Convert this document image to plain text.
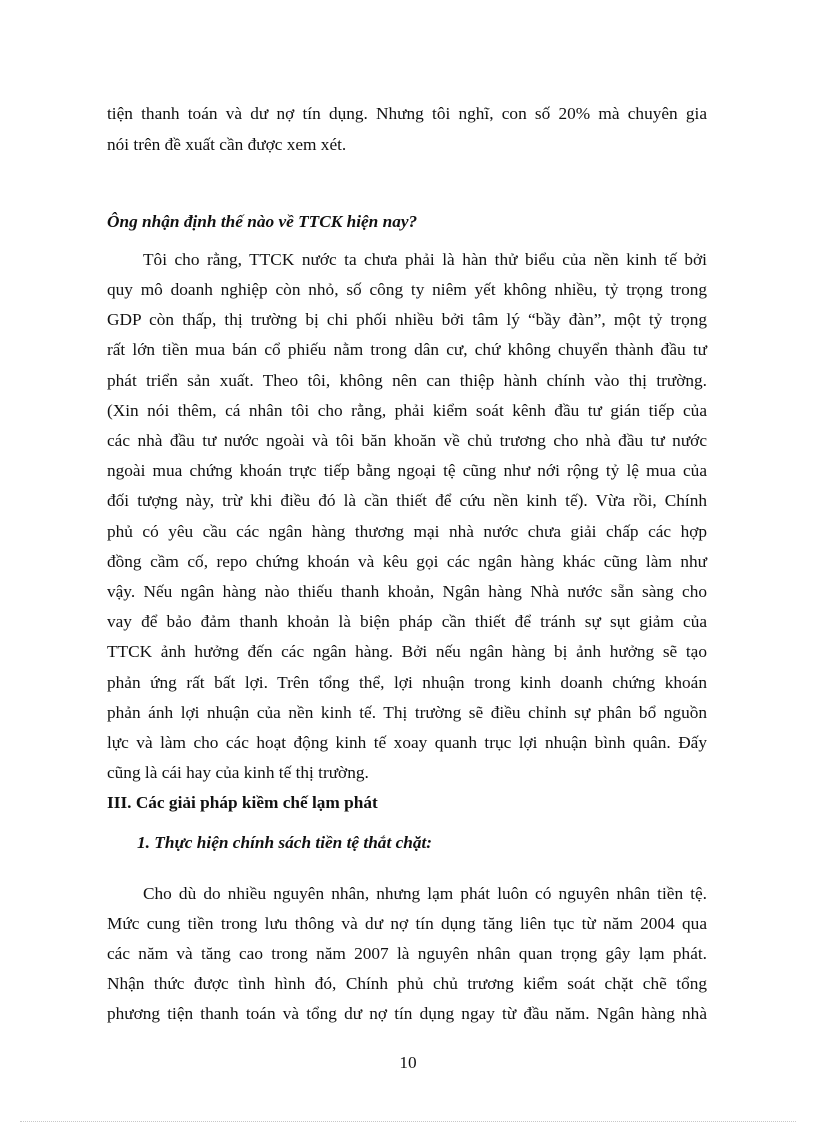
tiện thanh toán và dư nợ tín dụng. Nhưng tôi nghĩ, con số 20% mà chuyên gia
nói trên đề xuất cần được xem xét.
Ông nhận định thế nào về TTCK hiện nay?
Tôi cho rằng, TTCK nước ta chưa phải là hàn thử biểu của nền kinh tế bởi
quy mô doanh nghiệp còn nhỏ, số công ty niêm yết không nhiều, tỷ trọng trong
GDP còn thấp, thị trường bị chi phối nhiều bởi tâm lý “bầy đàn”, một tỷ trọng
rất lớn tiền mua bán cổ phiếu nằm trong dân cư, chứ không chuyển thành đầu tư
phát triển sản xuất. Theo tôi, không nên can thiệp hành chính vào thị trường.
(Xin nói thêm, cá nhân tôi cho rằng, phải kiểm soát kênh đầu tư gián tiếp của
các nhà đầu tư nước ngoài và tôi băn khoăn về chủ trương cho nhà đầu tư nước
ngoài mua chứng khoán trực tiếp bằng ngoại tệ cũng như nới rộng tỷ lệ mua của
đối tượng này, trừ khi điều đó là cần thiết để cứu nền kinh tế). Vừa rồi, Chính
phủ có yêu cầu các ngân hàng thương mại nhà nước chưa giải chấp các hợp
đồng cầm cố, repo chứng khoán và kêu gọi các ngân hàng khác cũng làm như
vậy. Nếu ngân hàng nào thiếu thanh khoản, Ngân hàng Nhà nước sẵn sàng cho
vay để bảo đảm thanh khoản là biện pháp cần thiết để tránh sự sụt giảm của
TTCK ảnh hưởng đến các ngân hàng. Bởi nếu ngân hàng bị ảnh hưởng sẽ tạo
phản ứng rất bất lợi. Trên tổng thể, lợi nhuận trong kinh doanh chứng khoán
phản ánh lợi nhuận của nền kinh tế. Thị trường sẽ điều chỉnh sự phân bổ nguồn
lực và làm cho các hoạt động kinh tế xoay quanh trục lợi nhuận bình quân. Đấy
cũng là cái hay của kinh tế thị trường.
III. Các giải pháp kiềm chế lạm phát
1. Thực hiện chính sách tiền tệ thắt chặt:
Cho dù do nhiều nguyên nhân, nhưng lạm phát luôn có nguyên nhân tiền tệ.
Mức cung tiền trong lưu thông và dư nợ tín dụng tăng liên tục từ năm 2004 qua
các năm và tăng cao trong năm 2007 là nguyên nhân quan trọng gây lạm phát.
Nhận thức được tình hình đó, Chính phủ chủ trương kiểm soát chặt chẽ tổng
phương tiện thanh toán và tổng dư nợ tín dụng ngay từ đầu năm. Ngân hàng nhà
10
